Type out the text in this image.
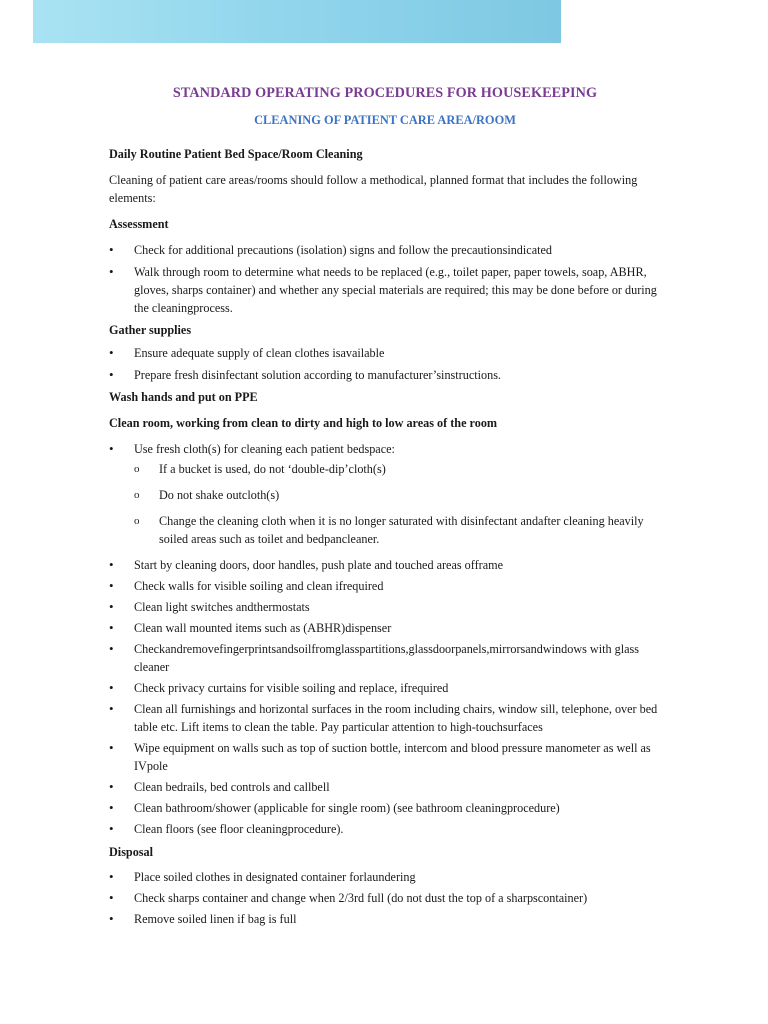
STANDARD OPERATING PROCEDURES FOR HOUSEKEEPING
CLEANING OF PATIENT CARE AREA/ROOM

Daily Routine Patient Bed Space/Room Cleaning

Cleaning of patient care areas/rooms should follow a methodical, planned format that includes the following elements:

Assessment

• Check for additional precautions (isolation) signs and follow the precautionsindicated
• Walk through room to determine what needs to be replaced (e.g., toilet paper, paper towels, soap, ABHR, gloves, sharps container) and whether any special materials are required; this may be done before or during the cleaningprocess.

Gather supplies

• Ensure adequate supply of clean clothes isavailable
• Prepare fresh disinfectant solution according to manufacturer’sinstructions.

Wash hands and put on PPE

Clean room, working from clean to dirty and high to low areas of the room

• Use fresh cloth(s) for cleaning each patient bedspace:
o If a bucket is used, do not ‘double-dip’cloth(s)
o Do not shake outcloth(s)
o Change the cleaning cloth when it is no longer saturated with disinfectant andafter cleaning heavily soiled areas such as toilet and bedpancleaner.
• Start by cleaning doors, door handles, push plate and touched areas offrame
• Check walls for visible soiling and clean ifrequired
• Clean light switches andthermostats
• Clean wall mounted items such as (ABHR)dispenser
• Checkandremovefingerprintsandsoilfromglasspartitions,glassdoorpanels,mirrorsandwindows with glass cleaner
• Check privacy curtains for visible soiling and replace, ifrequired
• Clean all furnishings and horizontal surfaces in the room including chairs, window sill, telephone, over bed table etc. Lift items to clean the table. Pay particular attention to high-touchsurfaces
• Wipe equipment on walls such as top of suction bottle, intercom and blood pressure manometer as well as IVpole
• Clean bedrails, bed controls and callbell
• Clean bathroom/shower (applicable for single room) (see bathroom cleaningprocedure)
• Clean floors (see floor cleaningprocedure).

Disposal

• Place soiled clothes in designated container forlaundering
• Check sharps container and change when 2/3rd full (do not dust the top of a sharpscontainer)
• Remove soiled linen if bag is full
